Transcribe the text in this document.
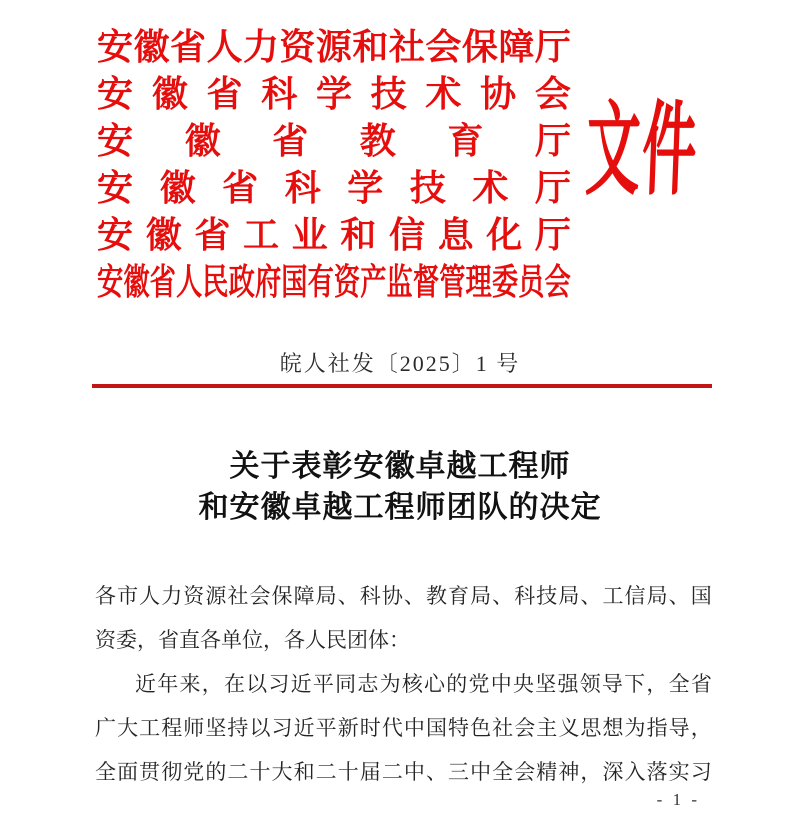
安 徽 省 人 力 资 源 和 社 会 保 障 厅
安 徽 省 科 学 技 术 协 会
安 徽 省 教 育 厅
安 徽 省 科 学 技 术 厅
安 徽 省 工 业 和 信 息 化 厅
安 徽 省 人 民 政 府 国 有 资 产 监 督 管 理 委 员 会
文件
皖人社发〔2025〕1 号
关于表彰安徽卓越工程师
和安徽卓越工程师团队的决定
各 市 人 力 资 源 社 会 保 障 局 、 科 协 、 教 育 局 、 科 技 局 、 工 信 局 、 国
资委，省直各单位，各人民团体：
近 年 来 ， 在 以 习 近 平 同 志 为 核 心 的 党 中 央 坚 强 领 导 下 ， 全 省
广 大 工 程 师 坚 持 以 习 近 平 新 时 代 中 国 特 色 社 会 主 义 思 想 为 指 导 ，
全 面 贯 彻 党 的 二 十 大 和 二 十 届 二 中 、 三 中 全 会 精 神 ， 深 入 落 实 习
- 1 -
